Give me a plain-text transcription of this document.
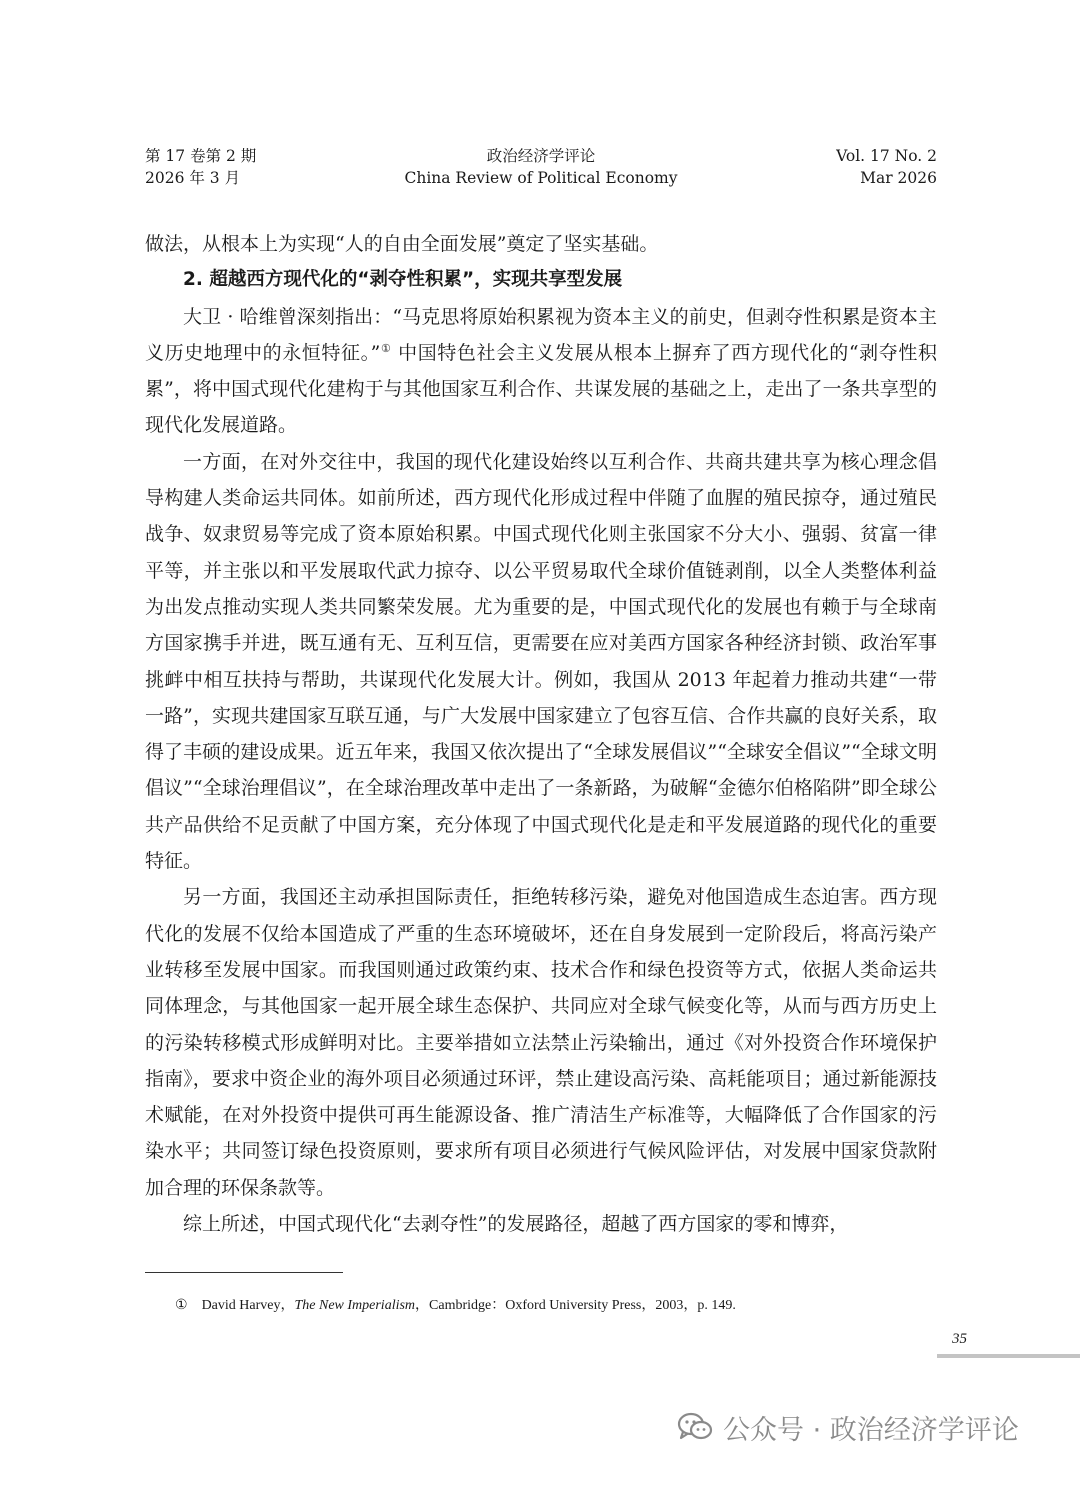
第 17 卷第 2 期
2026 年 3 月
政治经济学评论
China Review of Political Economy
Vol. 17 No. 2
Mar 2026

做法，从根本上为实现“人的自由全面发展”奠定了坚实基础。

2. 超越西方现代化的“剥夺性积累”，实现共享型发展

大卫 · 哈维曾深刻指出：“马克思将原始积累视为资本主义的前史，但剥夺性积累是资本主义历史地理中的永恒特征。”① 中国特色社会主义发展从根本上摒弃了西方现代化的“剥夺性积累”，将中国式现代化建构于与其他国家互利合作、共谋发展的基础之上，走出了一条共享型的现代化发展道路。

一方面，在对外交往中，我国的现代化建设始终以互利合作、共商共建共享为核心理念倡导构建人类命运共同体。如前所述，西方现代化形成过程中伴随了血腥的殖民掠夺，通过殖民战争、奴隶贸易等完成了资本原始积累。中国式现代化则主张国家不分大小、强弱、贫富一律平等，并主张以和平发展取代武力掠夺、以公平贸易取代全球价值链剥削，以全人类整体利益为出发点推动实现人类共同繁荣发展。尤为重要的是，中国式现代化的发展也有赖于与全球南方国家携手并进，既互通有无、互利互信，更需要在应对美西方国家各种经济封锁、政治军事挑衅中相互扶持与帮助，共谋现代化发展大计。例如，我国从 2013 年起着力推动共建“一带一路”，实现共建国家互联互通，与广大发展中国家建立了包容互信、合作共赢的良好关系，取得了丰硕的建设成果。近五年来，我国又依次提出了“全球发展倡议”“全球安全倡议”“全球文明倡议”“全球治理倡议”，在全球治理改革中走出了一条新路，为破解“金德尔伯格陷阱”即全球公共产品供给不足贡献了中国方案，充分体现了中国式现代化是走和平发展道路的现代化的重要特征。

另一方面，我国还主动承担国际责任，拒绝转移污染，避免对他国造成生态迫害。西方现代化的发展不仅给本国造成了严重的生态环境破坏，还在自身发展到一定阶段后，将高污染产业转移至发展中国家。而我国则通过政策约束、技术合作和绿色投资等方式，依据人类命运共同体理念，与其他国家一起开展全球生态保护、共同应对全球气候变化等，从而与西方历史上的污染转移模式形成鲜明对比。主要举措如立法禁止污染输出，通过《对外投资合作环境保护指南》，要求中资企业的海外项目必须通过环评，禁止建设高污染、高耗能项目；通过新能源技术赋能，在对外投资中提供可再生能源设备、推广清洁生产标准等，大幅降低了合作国家的污染水平；共同签订绿色投资原则，要求所有项目必须进行气候风险评估，对发展中国家贷款附加合理的环保条款等。

综上所述，中国式现代化“去剥夺性”的发展路径，超越了西方国家的零和博弈，

① David Harvey，The New Imperialism，Cambridge：Oxford University Press，2003，p. 149.
35
公众号 · 政治经济学评论
